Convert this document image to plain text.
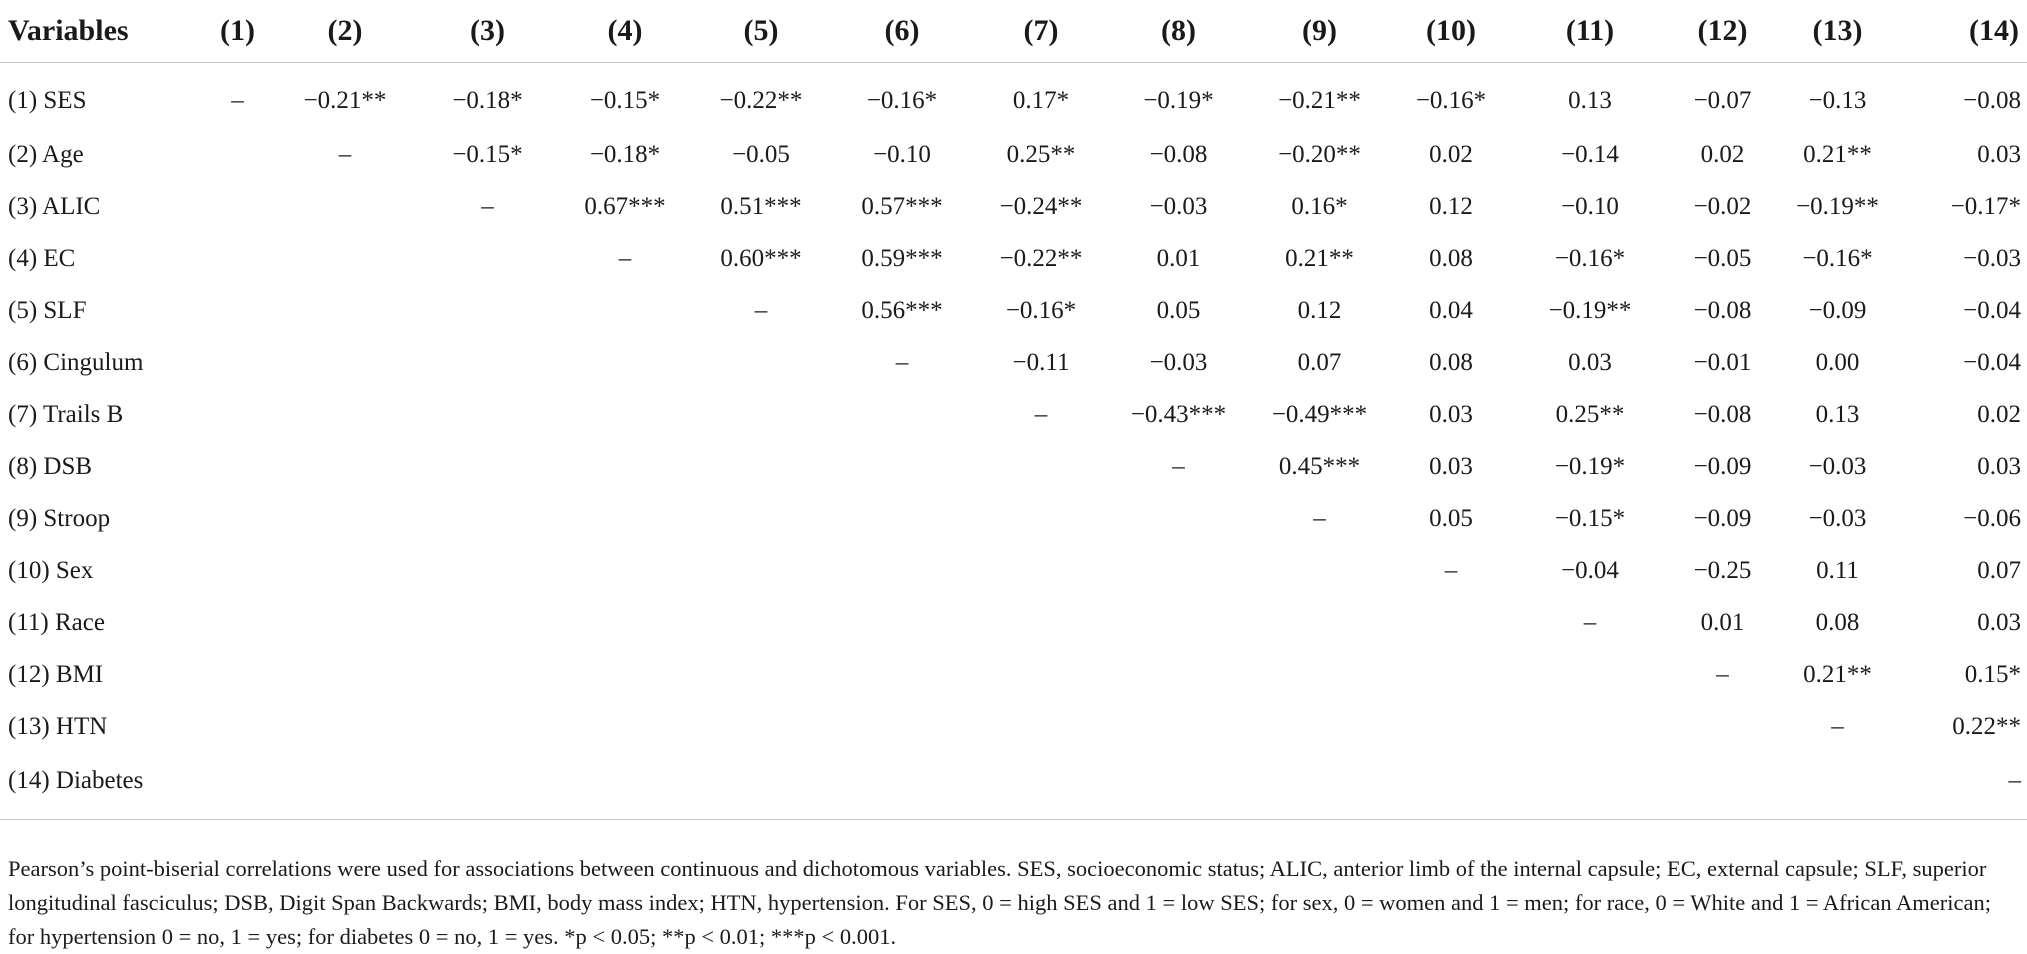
Variables	(1)	(2)	(3)	(4)	(5)	(6)	(7)	(8)	(9)	(10)	(11)	(12)	(13)	(14)
(1) SES	–	−0.21**	−0.18*	−0.15*	−0.22**	−0.16*	0.17*	−0.19*	−0.21**	−0.16*	0.13	−0.07	−0.13	−0.08
(2) Age		–	−0.15*	−0.18*	−0.05	−0.10	0.25**	−0.08	−0.20**	0.02	−0.14	0.02	0.21**	0.03
(3) ALIC			–	0.67***	0.51***	0.57***	−0.24**	−0.03	0.16*	0.12	−0.10	−0.02	−0.19**	−0.17*
(4) EC				–	0.60***	0.59***	−0.22**	0.01	0.21**	0.08	−0.16*	−0.05	−0.16*	−0.03
(5) SLF					–	0.56***	−0.16*	0.05	0.12	0.04	−0.19**	−0.08	−0.09	−0.04
(6) Cingulum						–	−0.11	−0.03	0.07	0.08	0.03	−0.01	0.00	−0.04
(7) Trails B							–	−0.43***	−0.49***	0.03	0.25**	−0.08	0.13	0.02
(8) DSB								–	0.45***	0.03	−0.19*	−0.09	−0.03	0.03
(9) Stroop									–	0.05	−0.15*	−0.09	−0.03	−0.06
(10) Sex										–	−0.04	−0.25	0.11	0.07
(11) Race											–	0.01	0.08	0.03
(12) BMI												–	0.21**	0.15*
(13) HTN													–	0.22**
(14) Diabetes														–

Pearson’s point-biserial correlations were used for associations between continuous and dichotomous variables. SES, socioeconomic status; ALIC, anterior limb of the internal capsule; EC, external capsule; SLF, superior longitudinal fasciculus; DSB, Digit Span Backwards; BMI, body mass index; HTN, hypertension. For SES, 0 = high SES and 1 = low SES; for sex, 0 = women and 1 = men; for race, 0 = White and 1 = African American; for hypertension 0 = no, 1 = yes; for diabetes 0 = no, 1 = yes. *p < 0.05; **p < 0.01; ***p < 0.001.
